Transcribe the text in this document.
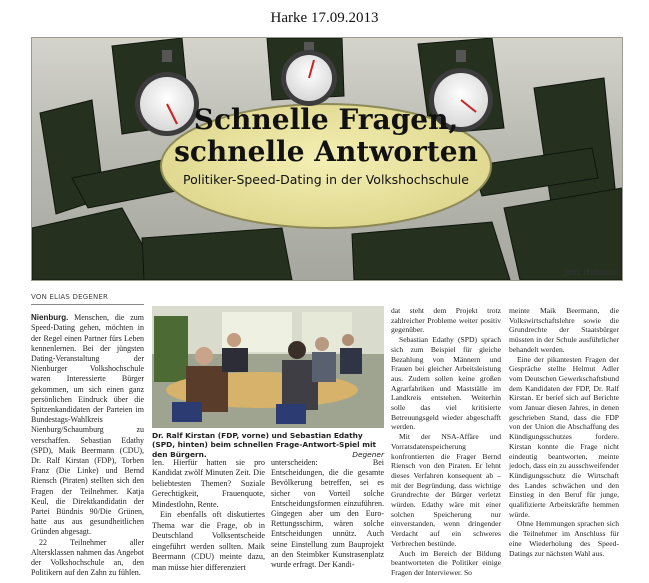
Harke 17.09.2013
Schnelle Fragen,
schnelle Antworten
Politiker-Speed-Dating in der Volkshochschule
Jens (Fotolia)
VON ELIAS DEGENER

Nienburg. Menschen, die zum Speed-Dating gehen, möchten in der Regel einen Partner fürs Leben kennenlernen. Bei der jüngsten Dating-Veranstaltung der Nienburger Volkshochschule waren Interessierte Bürger gekommen, um sich einen ganz persönlichen Eindruck über die Spitzenkandidaten der Parteien im Bundestags-Wahlkreis Nienburg/Schaumburg zu verschaffen. Sebastian Edathy (SPD), Maik Beermann (CDU), Dr. Ralf Kirstan (FDP), Torben Franz (Die Linke) und Bernd Riensch (Piraten) stellten sich den Fragen der Teilnehmer. Katja Keul, die Direktkandidatin der Partei Bündnis 90/Die Grünen, hatte aus aus gesundheitlichen Gründen abgesagt.

22 Teilnehmer aller Altersklassen nahmen das Angebot der Volkshochschule an, den Politikern auf den Zahn zu fühlen.

Dr. Ralf Kirstan (FDP, vorne) und Sebastian Edathy (SPD, hinten) beim schnellen Frage-Antwort-Spiel mit den Bürgern.	Degener

len. Hierfür hatten sie pro Kandidat zwölf Minuten Zeit. Die beliebtesten Themen? Soziale Gerechtigkeit, Frauenquote, Mindestlohn, Rente.

Ein ebenfalls oft diskutiertes Thema war die Frage, ob in Deutschland Volksentscheide eingeführt werden sollten. Maik Beermann (CDU) meinte dazu, man müsse hier differenziert

unterscheiden: Bei Entscheidungen, die die gesamte Bevölkerung betreffen, sei es sicher von Vorteil solche Entscheidungsformen einzuführen. Gingegen aber um den Euro-Rettungsschirm, wären solche Entscheidungen unnütz. Auch seine Einstellung zum Bauprojekt an den Steimbker Kunstrasenplatz wurde erfragt. Der Kandi-

dat steht dem Projekt trotz zahlreicher Probleme weiter positiv gegenüber.

Sebastian Edathy (SPD) sprach sich zum Beispiel für gleiche Bezahlung von Männern und Frauen bei gleicher Arbeitsleistung aus. Zudem sollen keine großen Agrarfabriken und Mastställe im Landkreis entstehen. Weiterhin solle das viel kritisierte Betreuungsgeld wieder abgeschafft werden.

Mit der NSA-Affäre und Vorratsdatenspeicherung konfrontierten die Frager Bernd Riensch von den Piraten. Er lehnt dieses Verfahren konsequent ab – mit der Begründung, dass wichtige Grundrechte der Bürger verletzt würden. Edathy wäre mit einer solchen Speicherung nur einverstanden, wenn dringender Verdacht auf ein schweres Verbrechen bestünde.

Auch im Bereich der Bildung beantworteten die Politiker einige Fragen der Interviewer. So

meinte Maik Beermann, die Volkswirtschaftslehre sowie die Grundrechte der Staatsbürger müssten in der Schule ausführlicher behandelt werden.

Eine der pikantesten Fragen der Gespräche stellte Helmut Adler vom Deutschen Gewerkschaftsbund dem Kandidaten der FDP, Dr. Ralf Kirstan. Er berief sich auf Berichte vom Januar diesen Jahres, in denen geschrieben Stand, dass die FDP von der Union die Abschaffung des Kündigungsschutzes fordere. Kirstan konnte die Frage nicht eindeutig beantworten, meinte jedoch, dass ein zu ausschweifender Kündigungsschutz die Wirtschaft des Landes schwächen und den Einstieg in den Beruf für junge, qualifizierte Arbeitskräfte hemmen würde.

Ohne Hemmungen sprachen sich die Teilnehmer im Anschluss für eine Wiederholung des Speed-Datings zur nächsten Wahl aus.
